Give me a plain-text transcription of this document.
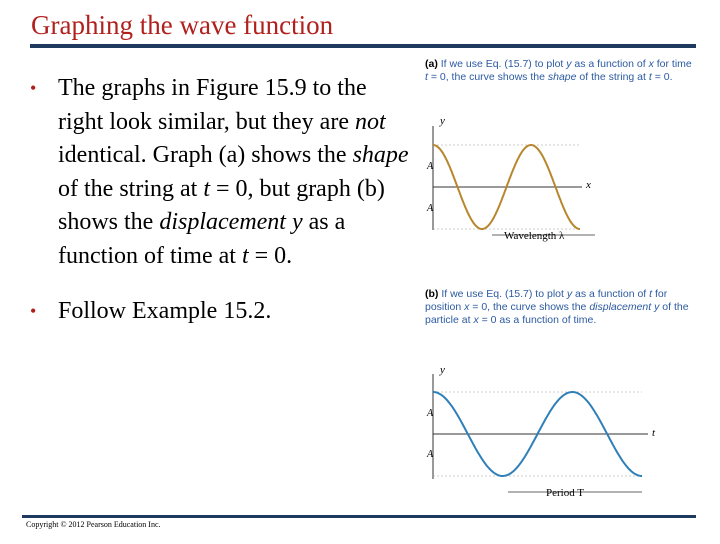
Graphing the wave function
• The graphs in Figure 15.9 to the right look similar, but they are not identical. Graph (a) shows the shape of the string at t = 0, but graph (b) shows the displacement y as a function of time at t = 0.
• Follow Example 15.2.
(a) If we use Eq. (15.7) to plot y as a function of x for time t = 0, the curve shows the shape of the string at t = 0.
y
x
A
A
Wavelength λ
(b) If we use Eq. (15.7) to plot y as a function of t for position x = 0, the curve shows the displacement y of the particle at x = 0 as a function of time.
y
t
A
A
Period T
Copyright © 2012 Pearson Education Inc.
